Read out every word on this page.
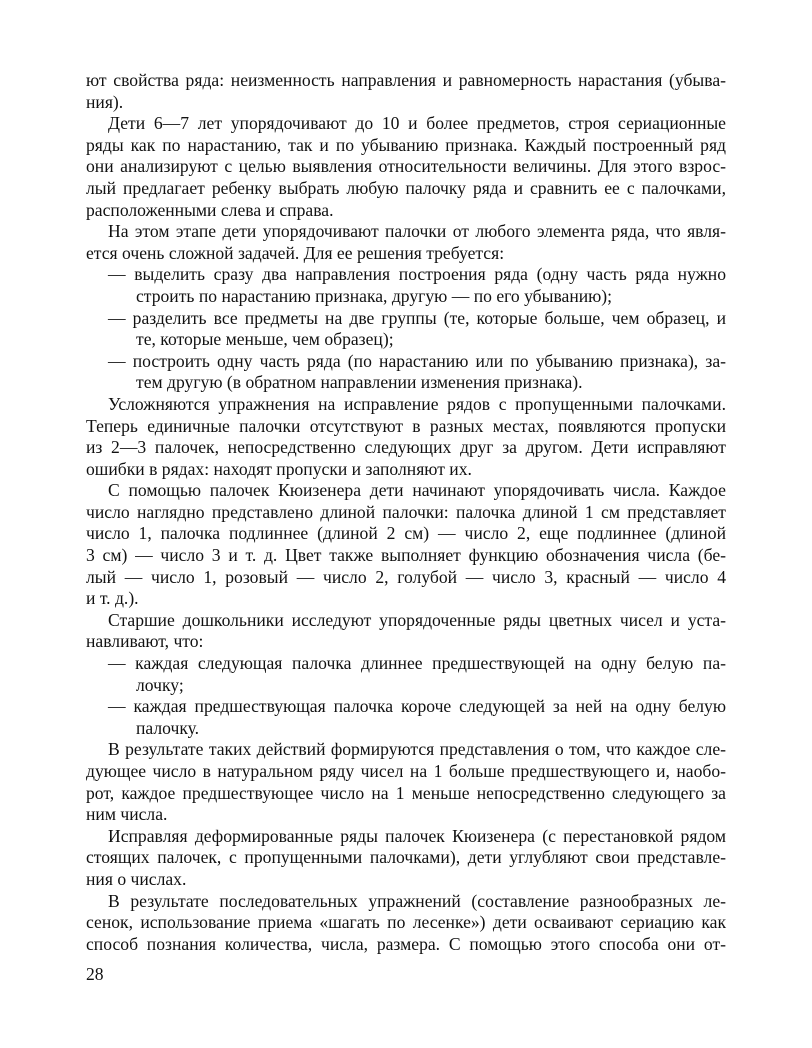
ют свойства ряда: неизменность направления и равномерность нарастания (убыва-
ния).
Дети 6—7 лет упорядочивают до 10 и более предметов, строя сериационные
ряды как по нарастанию, так и по убыванию признака. Каждый построенный ряд
они анализируют с целью выявления относительности величины. Для этого взрос-
лый предлагает ребенку выбрать любую палочку ряда и сравнить ее с палочками,
расположенными слева и справа.
На этом этапе дети упорядочивают палочки от любого элемента ряда, что явля-
ется очень сложной задачей. Для ее решения требуется:
— выделить сразу два направления построения ряда (одну часть ряда нужно
строить по нарастанию признака, другую — по его убыванию);
— разделить все предметы на две группы (те, которые больше, чем образец, и
те, которые меньше, чем образец);
— построить одну часть ряда (по нарастанию или по убыванию признака), за-
тем другую (в обратном направлении изменения признака).
Усложняются упражнения на исправление рядов с пропущенными палочками.
Теперь единичные палочки отсутствуют в разных местах, появляются пропуски
из 2—3 палочек, непосредственно следующих друг за другом. Дети исправляют
ошибки в рядах: находят пропуски и заполняют их.
С помощью палочек Кюизенера дети начинают упорядочивать числа. Каждое
число наглядно представлено длиной палочки: палочка длиной 1 см представляет
число 1, палочка подлиннее (длиной 2 см) — число 2, еще подлиннее (длиной
3 см) — число 3 и т. д. Цвет также выполняет функцию обозначения числа (бе-
лый — число 1, розовый — число 2, голубой — число 3, красный — число 4
и т. д.).
Старшие дошкольники исследуют упорядоченные ряды цветных чисел и уста-
навливают, что:
— каждая следующая палочка длиннее предшествующей на одну белую па-
лочку;
— каждая предшествующая палочка короче следующей за ней на одну белую
палочку.
В результате таких действий формируются представления о том, что каждое сле-
дующее число в натуральном ряду чисел на 1 больше предшествующего и, наобо-
рот, каждое предшествующее число на 1 меньше непосредственно следующего за
ним числа.
Исправляя деформированные ряды палочек Кюизенера (с перестановкой рядом
стоящих палочек, с пропущенными палочками), дети углубляют свои представле-
ния о числах.
В результате последовательных упражнений (составление разнообразных ле-
сенок, использование приема «шагать по лесенке») дети осваивают сериацию как
способ познания количества, числа, размера. С помощью этого способа они от-
28
